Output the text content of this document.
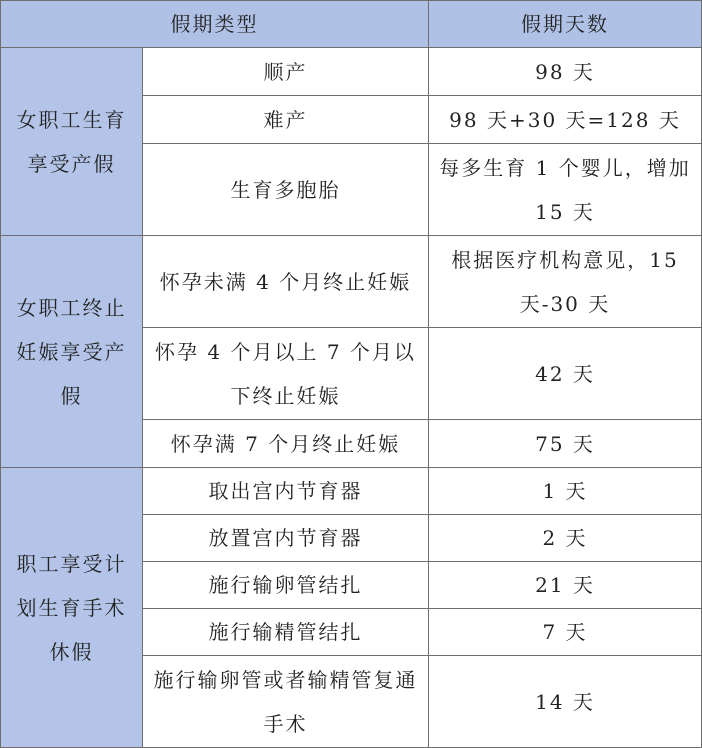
假期类型		假期天数
女职工生育享受产假	顺产	98 天
	难产	98 天+30 天=128 天
	生育多胞胎	每多生育 1 个婴儿，增加 15 天
女职工终止妊娠享受产假	怀孕未满 4 个月终止妊娠	根据医疗机构意见，15 天-30 天
	怀孕 4 个月以上 7 个月以下终止妊娠	42 天
	怀孕满 7 个月终止妊娠	75 天
职工享受计划生育手术休假	取出宫内节育器	1 天
	放置宫内节育器	2 天
	施行输卵管结扎	21 天
	施行输精管结扎	7 天
	施行输卵管或者输精管复通手术	14 天
